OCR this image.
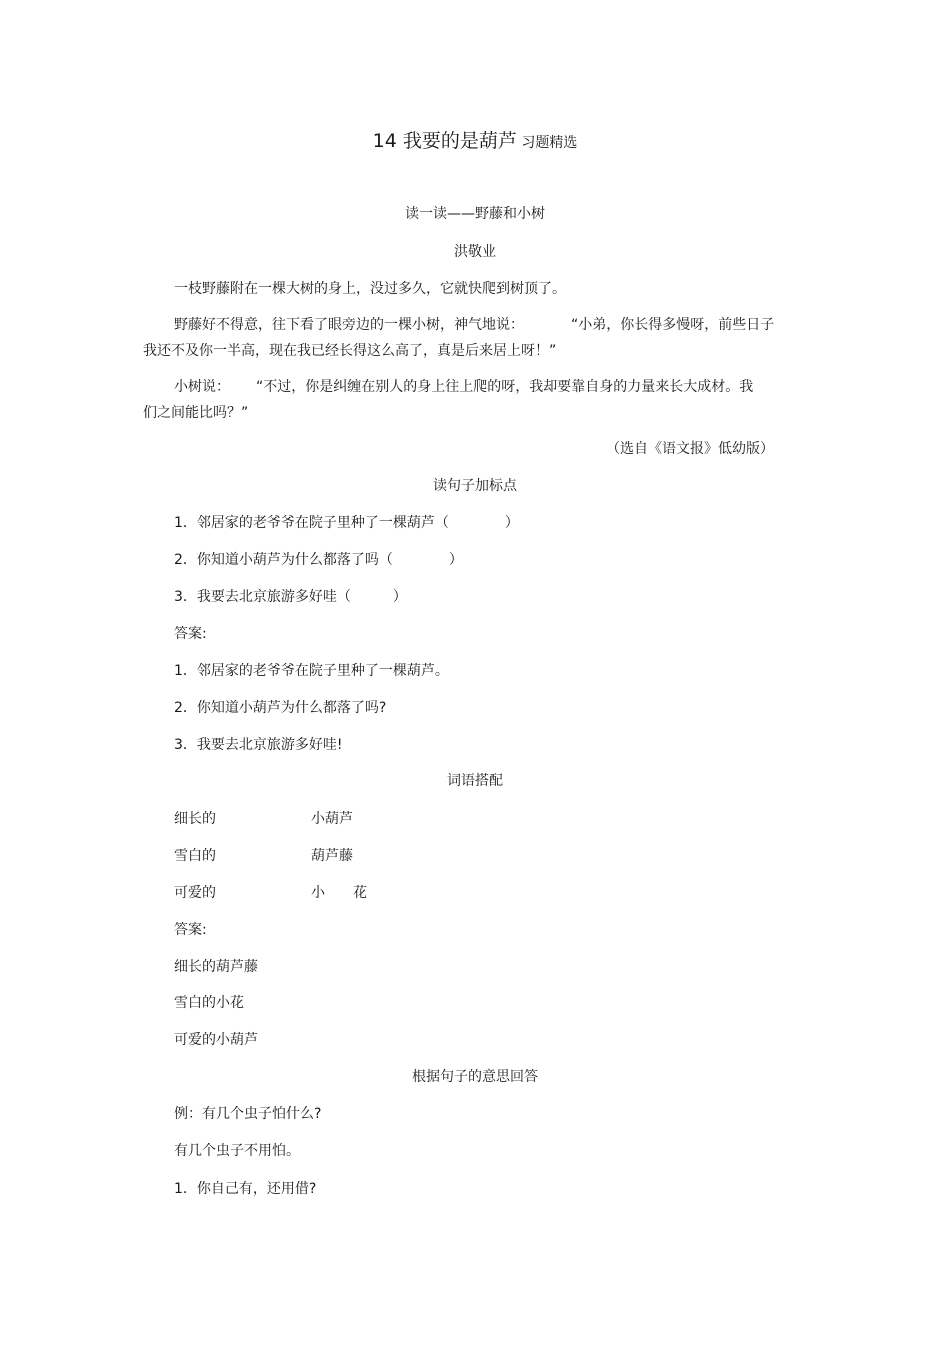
14 我要的是葫芦 习题精选
读一读——野藤和小树
洪敬业
一枝野藤附在一棵大树的身上，没过多久，它就快爬到树顶了。
野藤好不得意，往下看了眼旁边的一棵小树，神气地说：	“小弟，你长得多慢呀，前些日子
我还不及你一半高，现在我已经长得这么高了，真是后来居上呀！”
小树说： “不过，你是纠缠在别人的身上往上爬的呀，我却要靠自身的力量来长大成材。我
们之间能比吗？”
（选自《语文报》低幼版）
读句子加标点
1．邻居家的老爷爷在院子里种了一棵葫芦（　　　　）
2．你知道小葫芦为什么都落了吗（　　　　）
3．我要去北京旅游多好哇（　　　）
答案:
1．邻居家的老爷爷在院子里种了一棵葫芦。
2．你知道小葫芦为什么都落了吗?
3．我要去北京旅游多好哇!
词语搭配
细长的	小葫芦
雪白的	葫芦藤
可爱的	小　　花
答案:
细长的葫芦藤
雪白的小花
可爱的小葫芦
根据句子的意思回答
例：有几个虫子怕什么?
有几个虫子不用怕。
1．你自己有，还用借?
